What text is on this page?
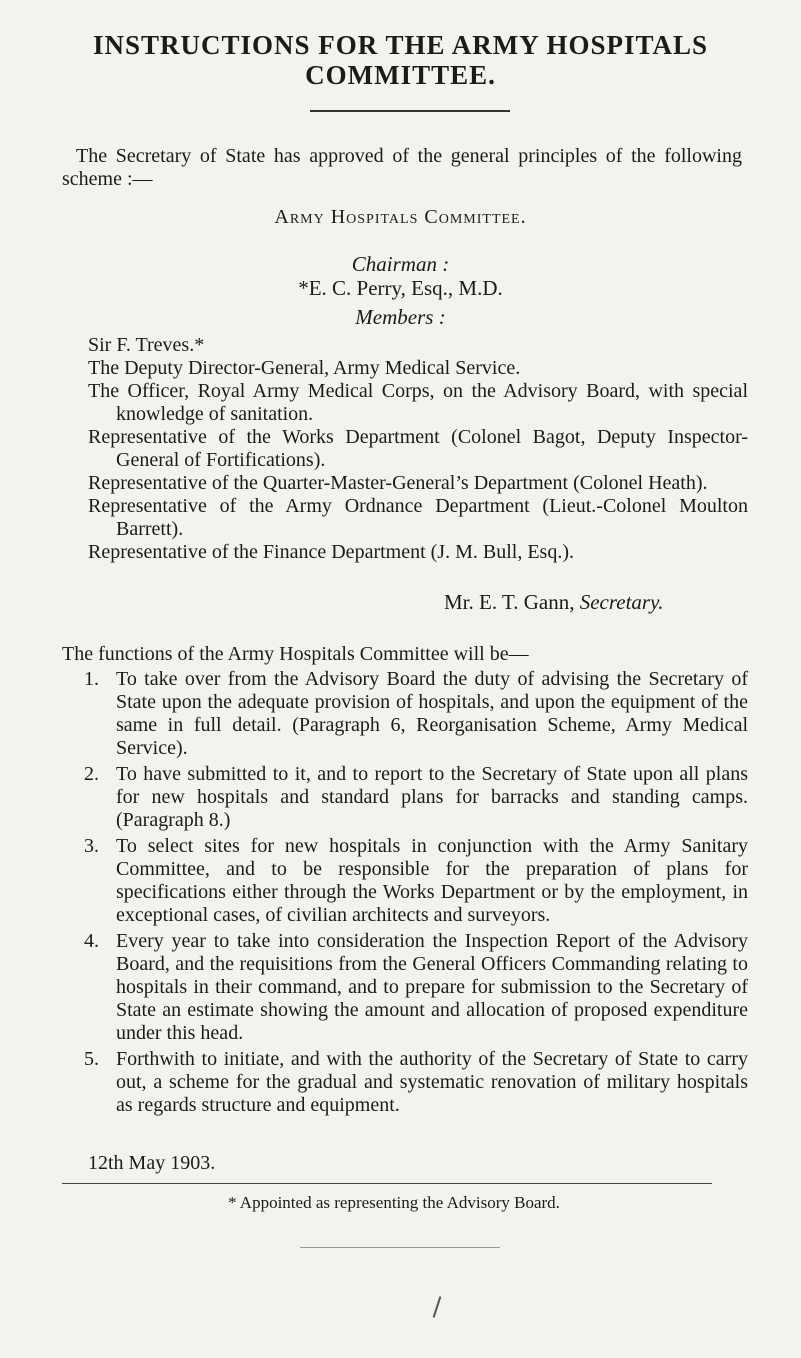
INSTRUCTIONS FOR THE ARMY HOSPITALS
COMMITTEE.

The Secretary of State has approved of the general principles of the following scheme :—

Army Hospitals Committee.
Chairman :
*E. C. Perry, Esq., M.D.
Members :
Sir F. Treves.*
The Deputy Director-General, Army Medical Service.
The Officer, Royal Army Medical Corps, on the Advisory Board, with special knowledge of sanitation.
Representative of the Works Department (Colonel Bagot, Deputy Inspector-General of Fortifications).
Representative of the Quarter-Master-General’s Department (Colonel Heath).
Representative of the Army Ordnance Department (Lieut.-Colonel Moulton Barrett).
Representative of the Finance Department (J. M. Bull, Esq.).
Mr. E. T. Gann, Secretary.

The functions of the Army Hospitals Committee will be—

1. To take over from the Advisory Board the duty of advising the Secretary of State upon the adequate provision of hospitals, and upon the equipment of the same in full detail. (Paragraph 6, Reorganisation Scheme, Army Medical Service).
2. To have submitted to it, and to report to the Secretary of State upon all plans for new hospitals and standard plans for barracks and standing camps. (Paragraph 8.)
3. To select sites for new hospitals in conjunction with the Army Sanitary Committee, and to be responsible for the preparation of plans for specifications either through the Works Department or by the employment, in exceptional cases, of civilian architects and surveyors.
4. Every year to take into consideration the Inspection Report of the Advisory Board, and the requisitions from the General Officers Commanding relating to hospitals in their command, and to prepare for submission to the Secretary of State an estimate showing the amount and allocation of proposed expenditure under this head.
5. Forthwith to initiate, and with the authority of the Secretary of State to carry out, a scheme for the gradual and systematic renovation of military hospitals as regards structure and equipment.
12th May 1903.
* Appointed as representing the Advisory Board.
